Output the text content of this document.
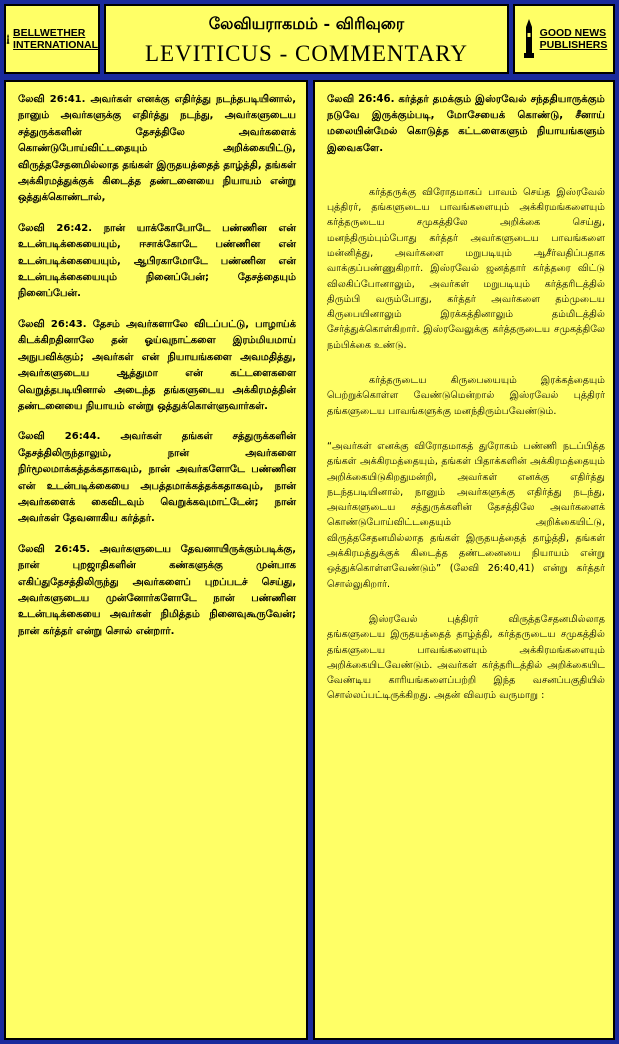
BELLWETHER
INTERNATIONAL
லேவியராகமம் - விரிவுரை
LEVITICUS - COMMENTARY
GOOD NEWS
PUBLISHERS

லேவி 26:41. அவர்கள் எனக்கு எதிர்த்து நடந்தபடியினால், நானும் அவர்களுக்கு எதிர்த்து நடந்து, அவர்களுடைய சத்துருக்களின் தேசத்திலே அவர்களைக் கொண்டுபோய்விட்டதையும் அறிக்கையிட்டு, விருத்தசேதனமில்லாத தங்கள் இருதயத்தைத் தாழ்த்தி, தங்கள் அக்கிரமத்துக்குக் கிடைத்த தண்டனையை நியாயம் என்று ஒத்துக்கொண்டால்,

லேவி 26:42. நான் யாக்கோபோடே பண்ணின என் உடன்படிக்கையையும், ஈசாக்கோடே பண்ணின என் உடன்படிக்கையையும், ஆபிரகாமோடே பண்ணின என் உடன்படிக்கையையும் நினைப்பேன்; தேசத்தையும் நினைப்பேன்.

லேவி 26:43. தேசம் அவர்களாலே விடப்பட்டு, பாழாய்க் கிடக்கிறதினாலே தன் ஓய்வுநாட்களை இரம்மியமாய் அநுபவிக்கும்; அவர்கள் என் நியாயங்களை அவமதித்து, அவர்களுடைய ஆத்துமா என் கட்டளைகளை வெறுத்தபடியினால் அடைந்த தங்களுடைய அக்கிரமத்தின் தண்டனையை நியாயம் என்று ஒத்துக்கொள்ளுவார்கள்.

லேவி 26:44. அவர்கள் தங்கள் சத்துருக்களின் தேசத்திலிருந்தாலும், நான் அவர்களை நிர்மூலமாக்கத்தக்கதாகவும், நான் அவர்களோடே பண்ணின என் உடன்படிக்கையை அபத்தமாக்கத்தக்கதாகவும், நான் அவர்களைக் கைவிடவும் வெறுக்கவுமாட்டேன்; நான் அவர்கள் தேவனாகிய கர்த்தர்.

லேவி 26:45. அவர்களுடைய தேவனாயிருக்கும்படிக்கு, நான் புறஜாதிகளின் கண்களுக்கு முன்பாக எகிப்துதேசத்திலிருந்து அவர்களைப் புறப்படச் செய்து, அவர்களுடைய முன்னோர்களோடே நான் பண்ணின உடன்படிக்கையை அவர்கள் நிமித்தம் நினைவுகூருவேன்; நான் கர்த்தர் என்று சொல் என்றார்.

லேவி 26:46. கர்த்தர் தமக்கும் இஸ்ரவேல் சந்ததியாருக்கும் நடுவே இருக்கும்படி, மோசேயைக் கொண்டு, சீனாய் மலையின்மேல் கொடுத்த கட்டளைகளும் நியாயங்களும் இவைகளே.

கர்த்தருக்கு விரோதமாகப் பாவம் செய்த இஸ்ரவேல் புத்திரர், தங்களுடைய பாவங்களையும் அக்கிரமங்களையும் கர்த்தருடைய சமுகத்திலே அறிக்கை செய்து, மனந்திரும்பும்போது கர்த்தர் அவர்களுடைய பாவங்களை மன்னித்து, அவர்களை மறுபடியும் ஆசீர்வதிப்பதாக வாக்குப்பண்ணுகிறார். இஸ்ரவேல் ஜனத்தார் கர்த்தரை விட்டு விலகிப்போனாலும், அவர்கள் மறுபடியும் கர்த்தரிடத்தில் திரும்பி வரும்போது, கர்த்தர் அவர்களை தம்முடைய கிருபையினாலும் இரக்கத்தினாலும் தம்மிடத்தில் சேர்த்துக்கொள்கிறார். இஸ்ரவேலுக்கு கர்த்தருடைய சமுகத்திலே நம்பிக்கை உண்டு.

கர்த்தருடைய கிருபையையும் இரக்கத்தையும் பெற்றுக்கொள்ள வேண்டுமென்றால் இஸ்ரவேல் புத்திரர் தங்களுடைய பாவங்களுக்கு மனந்திரும்பவேண்டும்.

“அவர்கள் எனக்கு விரோதமாகத் துரோகம் பண்ணி நடப்பித்த தங்கள் அக்கிரமத்தையும், தங்கள் பிதாக்களின் அக்கிரமத்தையும் அறிக்கையிடுகிறதுமன்றி, அவர்கள் எனக்கு எதிர்த்து நடந்தபடியினால், நானும் அவர்களுக்கு எதிர்த்து நடந்து, அவர்களுடைய சத்துருக்களின் தேசத்திலே அவர்களைக் கொண்டுபோய்விட்டதையும் அறிக்கையிட்டு, விருத்தசேதனமில்லாத தங்கள் இருதயத்தைத் தாழ்த்தி, தங்கள் அக்கிரமத்துக்குக் கிடைத்த தண்டனையை நியாயம் என்று ஒத்துக்கொள்ளவேண்டும்” (லேவி 26:40,41) என்று கர்த்தர் சொல்லுகிறார்.

இஸ்ரவேல் புத்திரர் விருத்தசேதனமில்லாத தங்களுடைய இருதயத்தைத் தாழ்த்தி, கர்த்தருடைய சமுகத்தில் தங்களுடைய பாவங்களையும் அக்கிரமங்களையும் அறிக்கையிடவேண்டும். அவர்கள் கர்த்தரிடத்தில் அறிக்கையிட வேண்டிய காரியங்களைப்பற்றி இந்த வசனப்பகுதியில் சொல்லப்பட்டிருக்கிறது. அதன் விவரம் வருமாறு :
